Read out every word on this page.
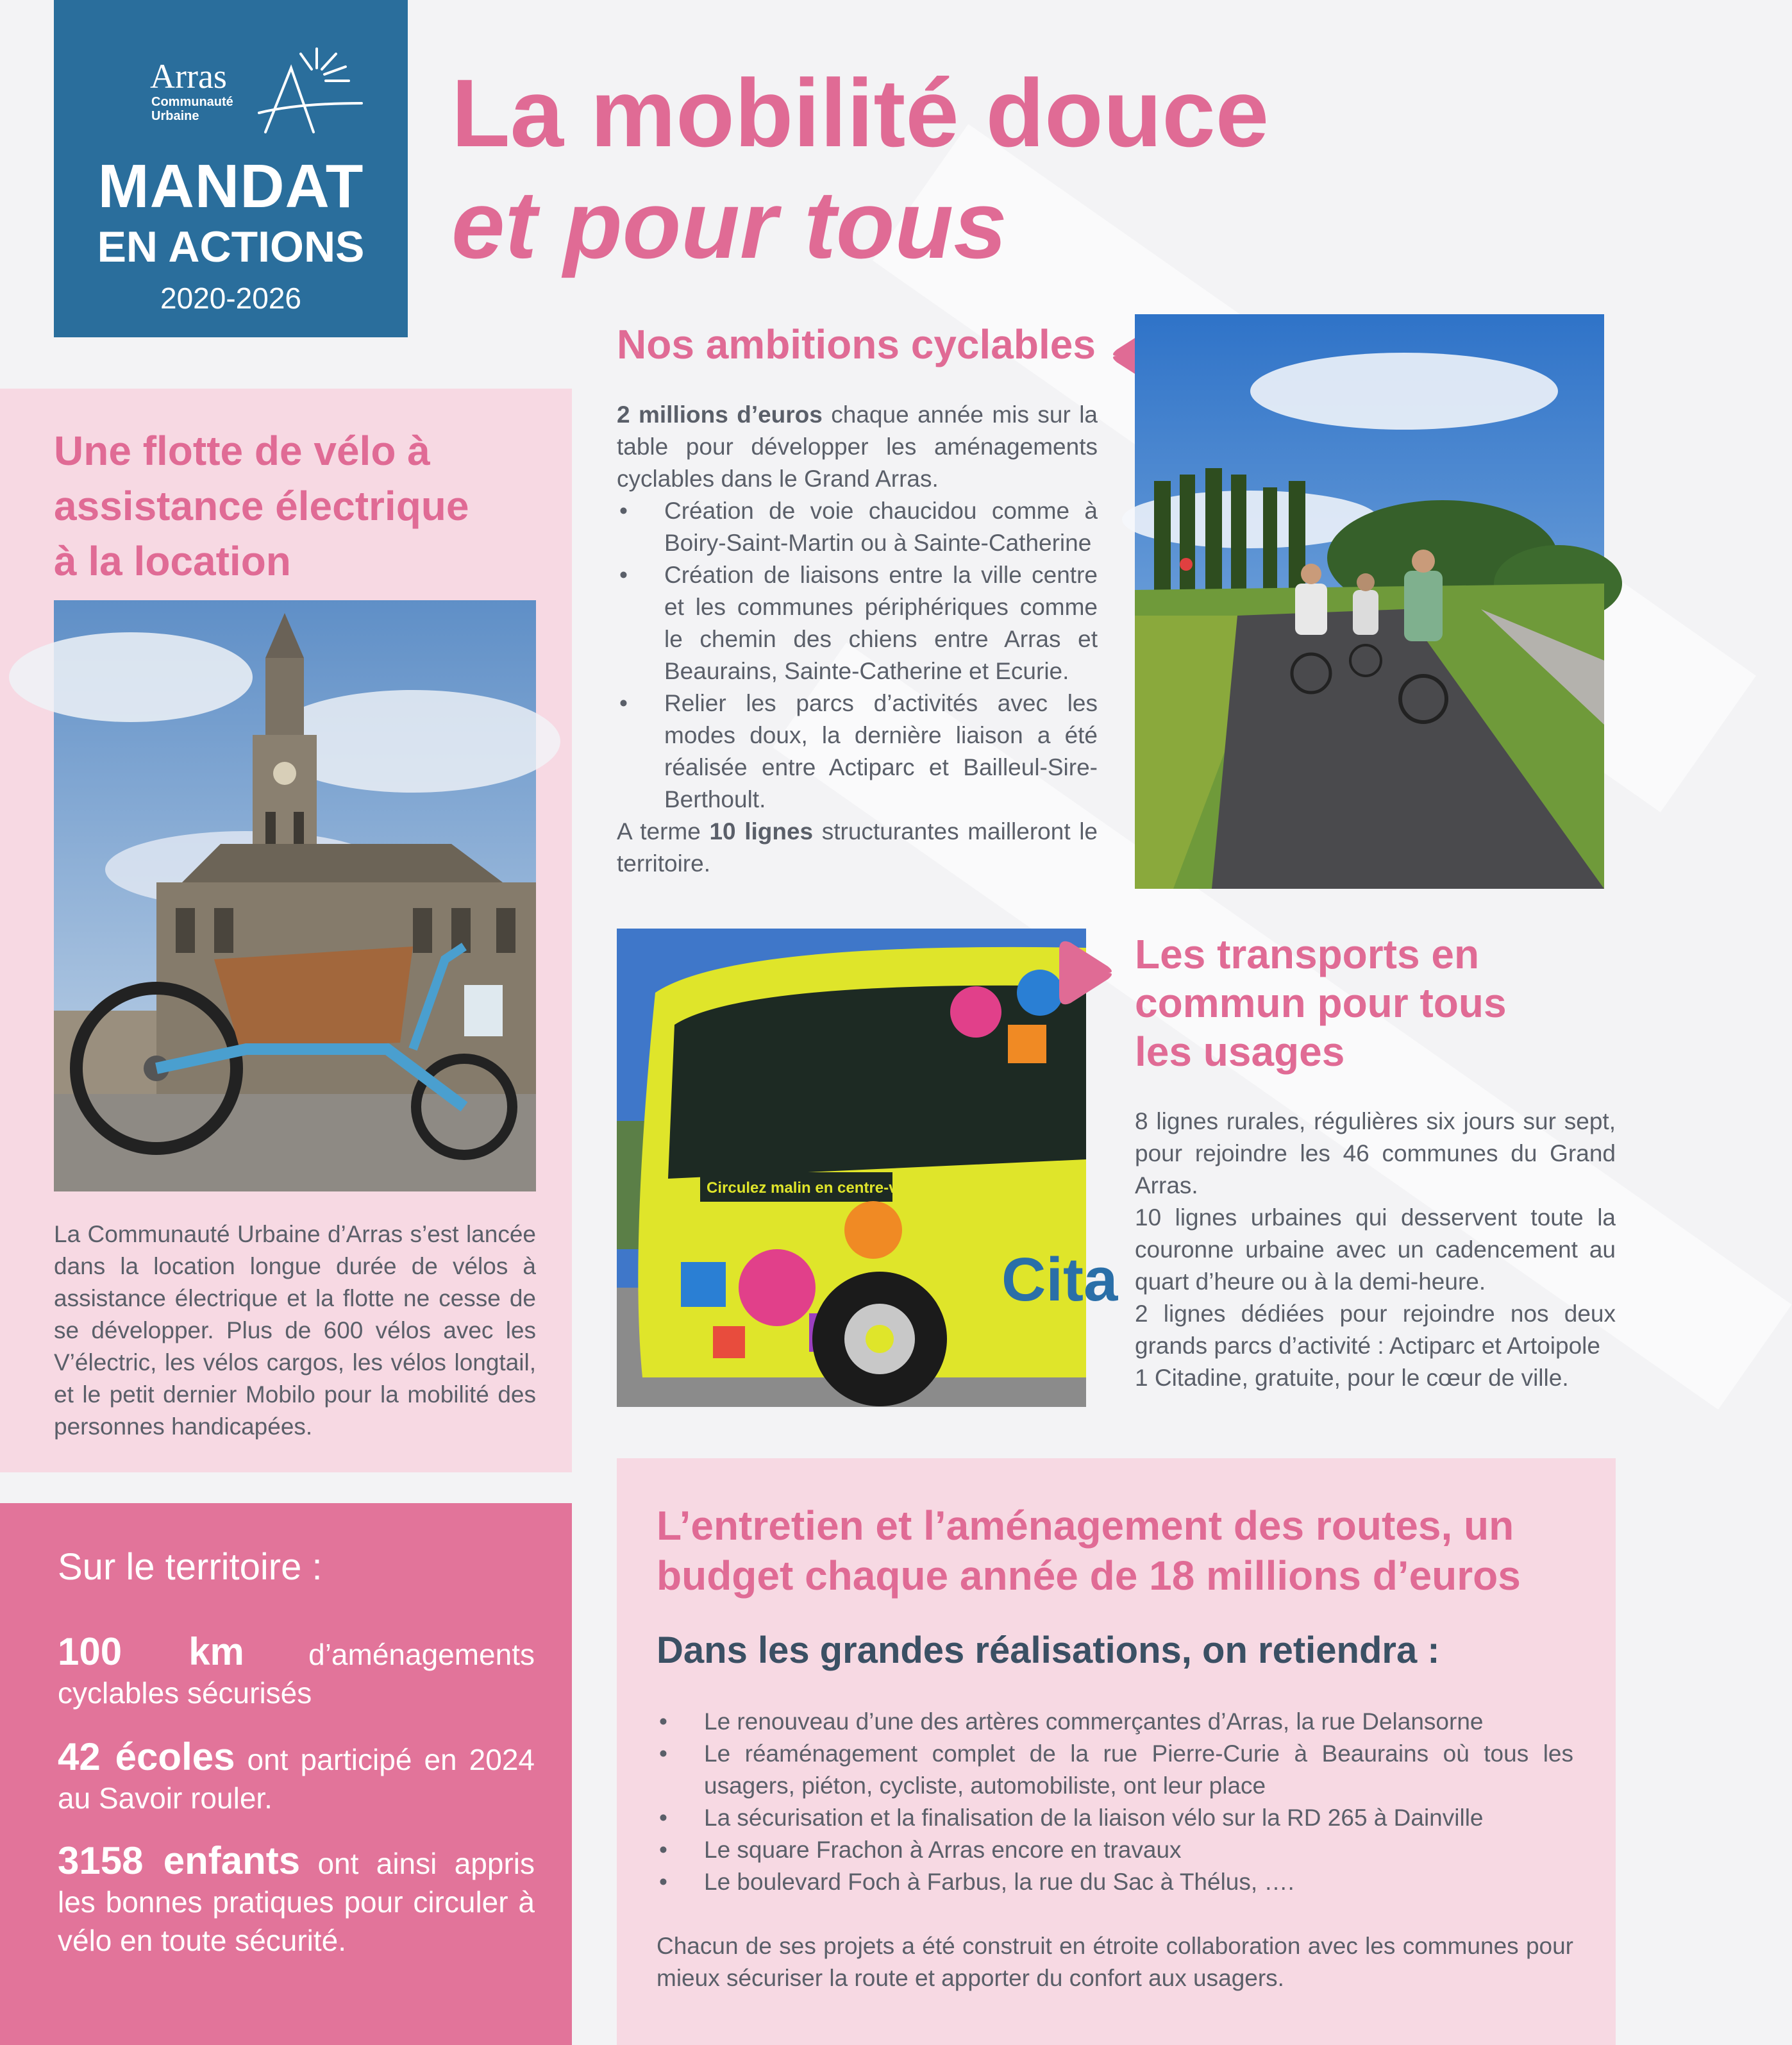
Arras
Communauté
Urbaine
MANDAT
EN ACTIONS
2020-2026
La mobilité douce
et pour tous
Une flotte de vélo à
assistance électrique
à la location
La Communauté Urbaine d’Arras s’est lancée dans la location longue durée de vélos à assistance électrique et la flotte ne cesse de se développer. Plus de 600 vélos avec les V’électric, les vélos cargos, les vélos longtail, et le petit dernier Mobilo pour la mobilité des personnes handicapées.
Sur le territoire :
100 km d’aménagements cyclables sécurisés
42 écoles ont participé en 2024 au Savoir rouler.
3158 enfants ont ainsi appris les bonnes pratiques pour circuler à vélo en toute sécurité.
Nos ambitions cyclables
2 millions d’euros chaque année mis sur la table pour développer les aménagements cyclables dans le Grand Arras.
• Création de voie chaucidou comme à Boiry-Saint-Martin ou à Sainte-Catherine
• Création de liaisons entre la ville centre et les communes périphériques comme le chemin des chiens entre Arras et Beaurains, Sainte-Catherine et Ecurie.
• Relier les parcs d’activités avec les modes doux, la dernière liaison a été réalisée entre Actiparc et Bailleul-Sire-Berthoult.
A terme 10 lignes structurantes mailleront le territoire.
Circulez malin en centre-ville !
Cita
Les transports en
commun pour tous
les usages
8 lignes rurales, régulières six jours sur sept, pour rejoindre les 46 communes du Grand Arras.
10 lignes urbaines qui desservent toute la couronne urbaine avec un cadencement au quart d’heure ou à la demi-heure.
2 lignes dédiées pour rejoindre nos deux grands parcs d’activité : Actiparc et Artoipole
1 Citadine, gratuite, pour le cœur de ville.
L’entretien et l’aménagement des routes, un budget chaque année de 18 millions d’euros
Dans les grandes réalisations, on retiendra :
• Le renouveau d’une des artères commerçantes d’Arras, la rue Delansorne
• Le réaménagement complet de la rue Pierre-Curie à Beaurains où tous les usagers, piéton, cycliste, automobiliste, ont leur place
• La sécurisation et la finalisation de la liaison vélo sur la RD 265 à Dainville
• Le square Frachon à Arras encore en travaux
• Le boulevard Foch à Farbus, la rue du Sac à Thélus, ….
Chacun de ses projets a été construit en étroite collaboration avec les communes pour mieux sécuriser la route et apporter du confort aux usagers.
